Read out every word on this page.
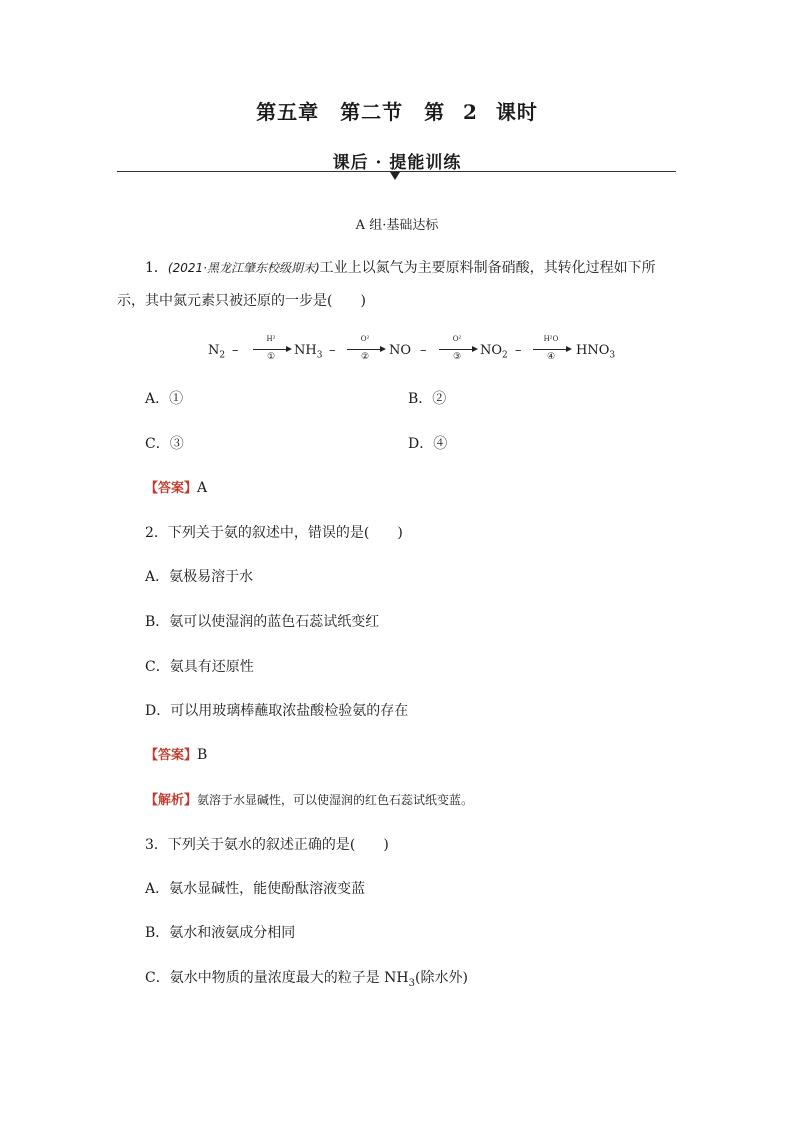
第五章　第二节　第 2 课时
课后 · 提能训练
A 组·基础达标
1．(2021·黑龙江肇东校级期末)工业上以氮气为主要原料制备硝酸，其转化过程如下所
示，其中氮元素只被还原的一步是(　　)
$N_2$ –
H²
①	$NH_3$ –
O²
②	NO –
O²
③	$NO_2$ –
H²O
④	$HNO_3$
A．①	B．②
C．③	D．④
【答案】A
2．下列关于氨的叙述中，错误的是(　　)
A．氨极易溶于水
B．氨可以使湿润的蓝色石蕊试纸变红
C．氨具有还原性
D．可以用玻璃棒蘸取浓盐酸检验氨的存在
【答案】B
【解析】氨溶于水显碱性，可以使湿润的红色石蕊试纸变蓝。
3．下列关于氨水的叙述正确的是(　　)
A．氨水显碱性，能使酚酞溶液变蓝
B．氨水和液氨成分相同
C．氨水中物质的量浓度最大的粒子是 $NH_3$(除水外)
